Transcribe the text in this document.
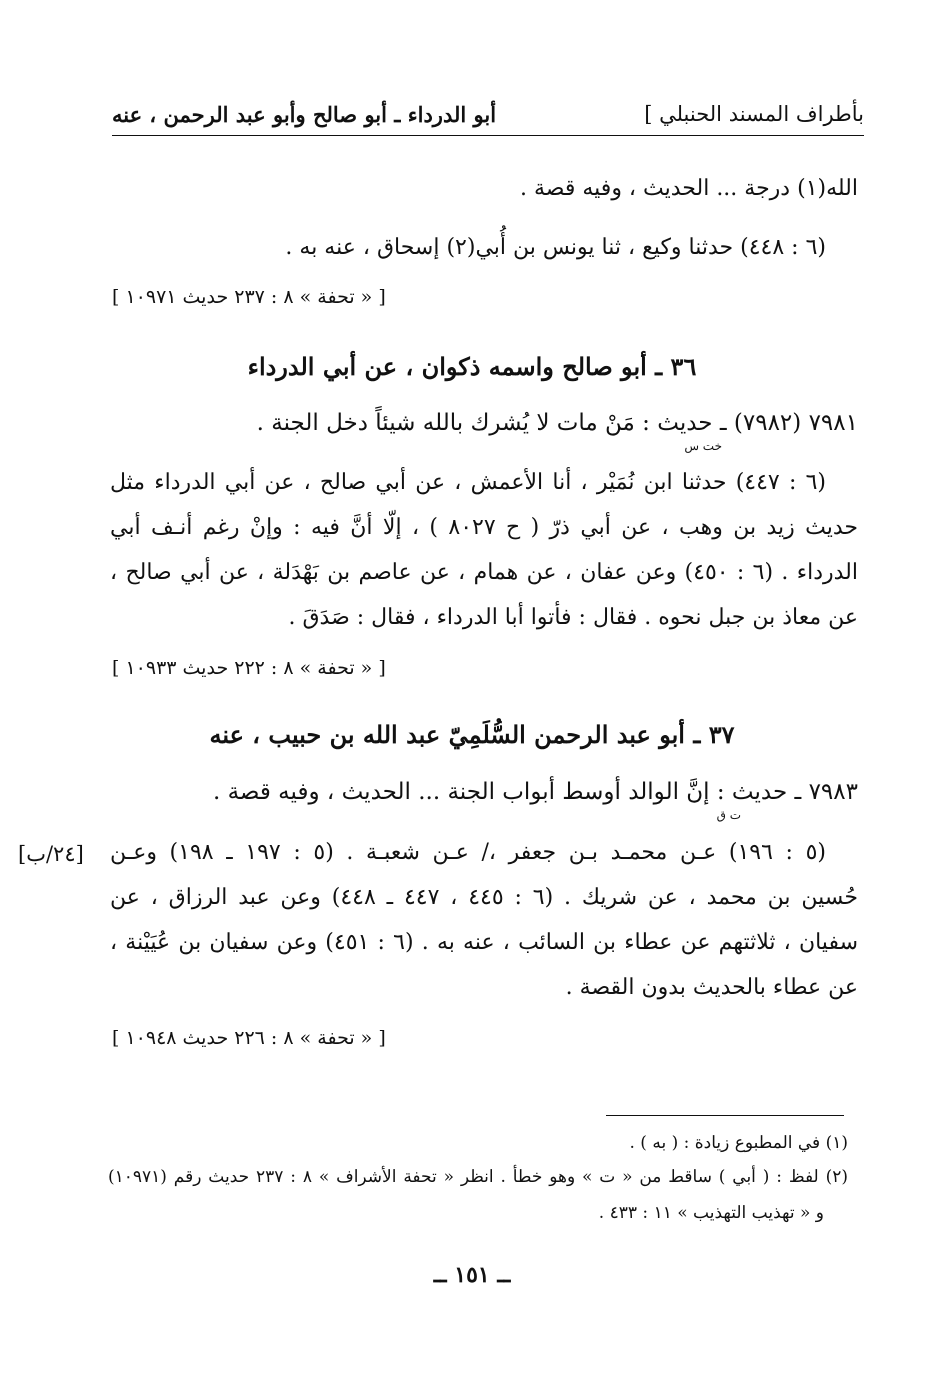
بأطراف المسند الحنبلي ]
أبو الدرداء ـ أبو صالح وأبو عبد الرحمن ، عنه
الله(١) درجة ... الحديث ، وفيه قصة .
(٦ : ٤٤٨) حدثنا وكيع ، ثنا يونس بن أُبي(٢) إسحاق ، عنه به .
[ « تحفة » ٨ : ٢٣٧ حديث ١٠٩٧١ ]
٣٦ ـ أبو صالح واسمه ذكوان ، عن أبي الدرداء
٧٩٨١ (٧٩٨٢) ـ حديث : مَنْ مات لا يُشرك بالله شيئاً دخل الجنة .
خت س
(٦ : ٤٤٧) حدثنا ابن نُمَيْر ، أنا الأعمش ، عن أبي صالح ، عن أبي الدرداء مثل
حديث زيد بن وهب ، عن أبي ذرّ ( ح ٨٠٢٧ ) ، إلّا أنَّ فيه : وإنْ رغم أنـف أبي
الدرداء . (٦ : ٤٥٠) وعن عفان ، عن همام ، عن عاصم بن بَهْدَلة ، عن أبي صالح ،
عن معاذ بن جبل نحوه . فقال : فأتوا أبا الدرداء ، فقال : صَدَقَ .
[ « تحفة » ٨ : ٢٢٢ حديث ١٠٩٣٣ ]
٣٧ ـ أبو عبد الرحمن السُّلَمِيّ عبد الله بن حبيب ، عنه
٧٩٨٣ ـ حديث : إنَّ الوالد أوسط أبواب الجنة ... الحديث ، وفيه قصة .
ت ق
[٢٤/ب] (٥ : ١٩٦) عـن محمـد بـن جعفر ،/ عـن شعبـة . (٥ : ١٩٧ ـ ١٩٨) وعـن
حُسين بن محمد ، عن شريك . (٦ : ٤٤٥ ، ٤٤٧ ـ ٤٤٨) وعن عبد الرزاق ، عن
سفيان ، ثلاثتهم عن عطاء بن السائب ، عنه به . (٦ : ٤٥١) وعن سفيان بن عُيَيْنة ،
عن عطاء بالحديث بدون القصة .
[ « تحفة » ٨ : ٢٢٦ حديث ١٠٩٤٨ ]
(١) في المطبوع زيادة : ( به ) .
(٢) لفظ : ( أبي ) ساقط من « ت » وهو خطأ . انظر « تحفة الأشراف » ٨ : ٢٣٧ حديث رقم (١٠٩٧١)
و « تهذيب التهذيب » ١١ : ٤٣٣ .
ــ ١٥١ ــ
